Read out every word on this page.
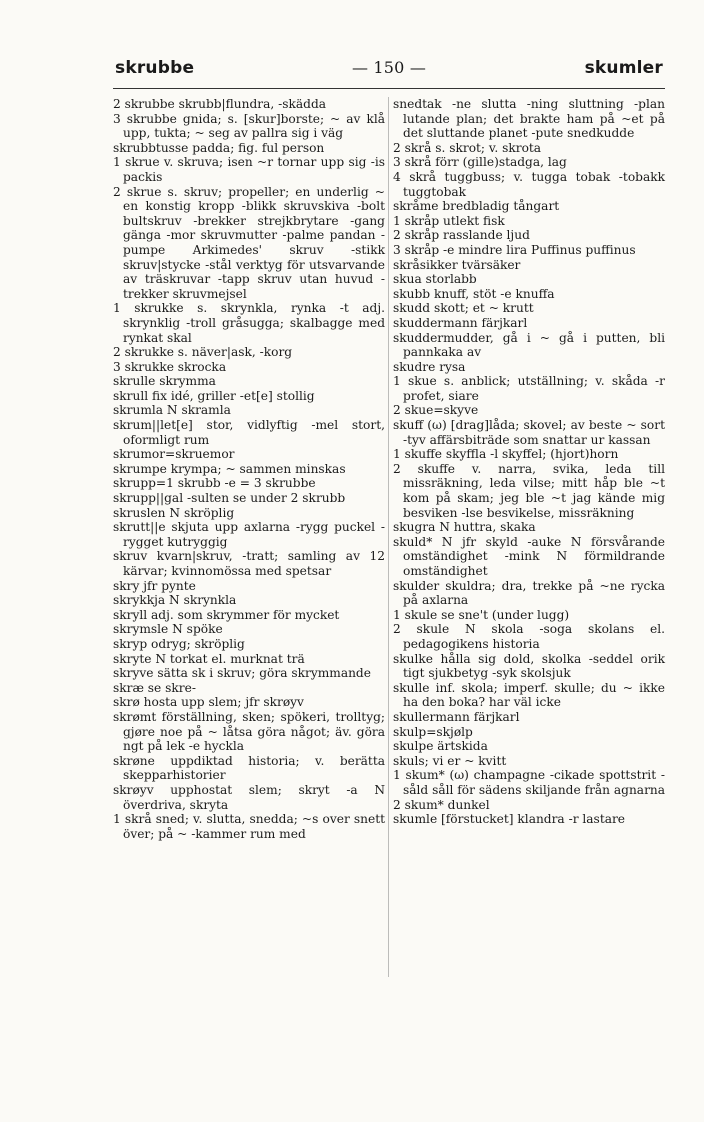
skrubbe	— 150 —	skumler

2 skrubbe skrubb|flundra, -skädda

3 skrubbe gnida; s. [skur]borste; ~ av klå upp, tukta; ~ seg av pallra sig i väg

skrubbtusse padda; fig. ful person

1 skrue v. skruva; isen ~r tornar upp sig -is packis

2 skrue s. skruv; propeller; en underlig ~ en konstig kropp -blikk skruvskiva -bolt bultskruv -brekker strejkbrytare -gang gänga -mor skruvmutter -palme pandan -pumpe Arkimedes' skruv -stikk skruv|stycke -stål verktyg för utsvarvande av träskruvar -tapp skruv utan huvud -trekker skruvmejsel

1 skrukke s. skrynkla, rynka -t adj. skrynklig -troll gråsugga; skalbagge med rynkat skal

2 skrukke s. näver|ask, -korg

3 skrukke skrocka

skrulle skrymma

skrull fix idé, griller -et[e] stollig

skrumla N skramla

skrum||let[e] stor, vidlyftig -mel stort, oformligt rum

skrumor=skruemor

skrumpe krympa; ~ sammen minskas

skrupp=1 skrubb -e = 3 skrubbe

skrupp||gal -sulten se under 2 skrubb

skruslen N skröplig

skrutt||e skjuta upp axlarna -rygg puckel -rygget kutryggig

skruv kvarn|skruv, -tratt; samling av 12 kärvar; kvinnomössa med spetsar

skry jfr pynte

skrykkja N skrynkla

skryll adj. som skrymmer för mycket

skrymsle N spöke

skryp odryg; skröplig

skryte N torkat el. murknat trä

skryve sätta sk i skruv; göra skrymmande

skræ se skre-

skrø hosta upp slem; jfr skrøyv

skrømt förställning, sken; spökeri, trolltyg; gjøre noe på ~ låtsa göra något; äv. göra ngt på lek -e hyckla

skrøne uppdiktad historia; v. berätta skepparhistorier

skrøyv upphostat slem; skryt -a N överdriva, skryta

1 skrå sned; v. slutta, snedda; ~s over snett över; på ~ -kammer rum med

snedtak -ne slutta -ning sluttning -plan lutande plan; det brakte ham på ~et på det sluttande planet -pute snedkudde

2 skrå s. skrot; v. skrota

3 skrå förr (gille)stadga, lag

4 skrå tuggbuss; v. tugga tobak -tobakk tuggtobak

skråme bredbladig tångart

1 skråp utlekt fisk

2 skråp rasslande ljud

3 skråp -e mindre lira Puffinus puffinus

skråsikker tvärsäker

skua storlabb

skubb knuff, stöt -e knuffa

skudd skott; et ~ krutt

skuddermann färjkarl

skuddermudder, gå i ~ gå i putten, bli pannkaka av

skudre rysa

1 skue s. anblick; utställning; v. skåda -r profet, siare

2 skue=skyve

skuff (ω) [drag]låda; skovel; av beste ~ sort -tyv affärsbiträde som snattar ur kassan

1 skuffe skyffla -l skyffel; (hjort)horn

2 skuffe v. narra, svika, leda till missräkning, leda vilse; mitt håp ble ~t kom på skam; jeg ble ~t jag kände mig besviken -lse besvikelse, missräkning

skugra N huttra, skaka

skuld* N jfr skyld -auke N försvårande omständighet -mink N förmildrande omständighet

skulder skuldra; dra, trekke på ~ne rycka på axlarna

1 skule se sne't (under lugg)

2 skule N skola -soga skolans el. pedagogikens historia

skulke hålla sig dold, skolka -seddel orik tigt sjukbetyg -syk skolsjuk

skulle inf. skola; imperf. skulle; du ~ ikke ha den boka? har väl icke

skullermann färjkarl

skulp=skjølp

skulpe ärtskida

skuls; vi er ~ kvitt

1 skum* (ω) champagne -cikade spottstrit -såld såll för sädens skiljande från agnarna

2 skum* dunkel

skumle [förstucket] klandra -r lastare
